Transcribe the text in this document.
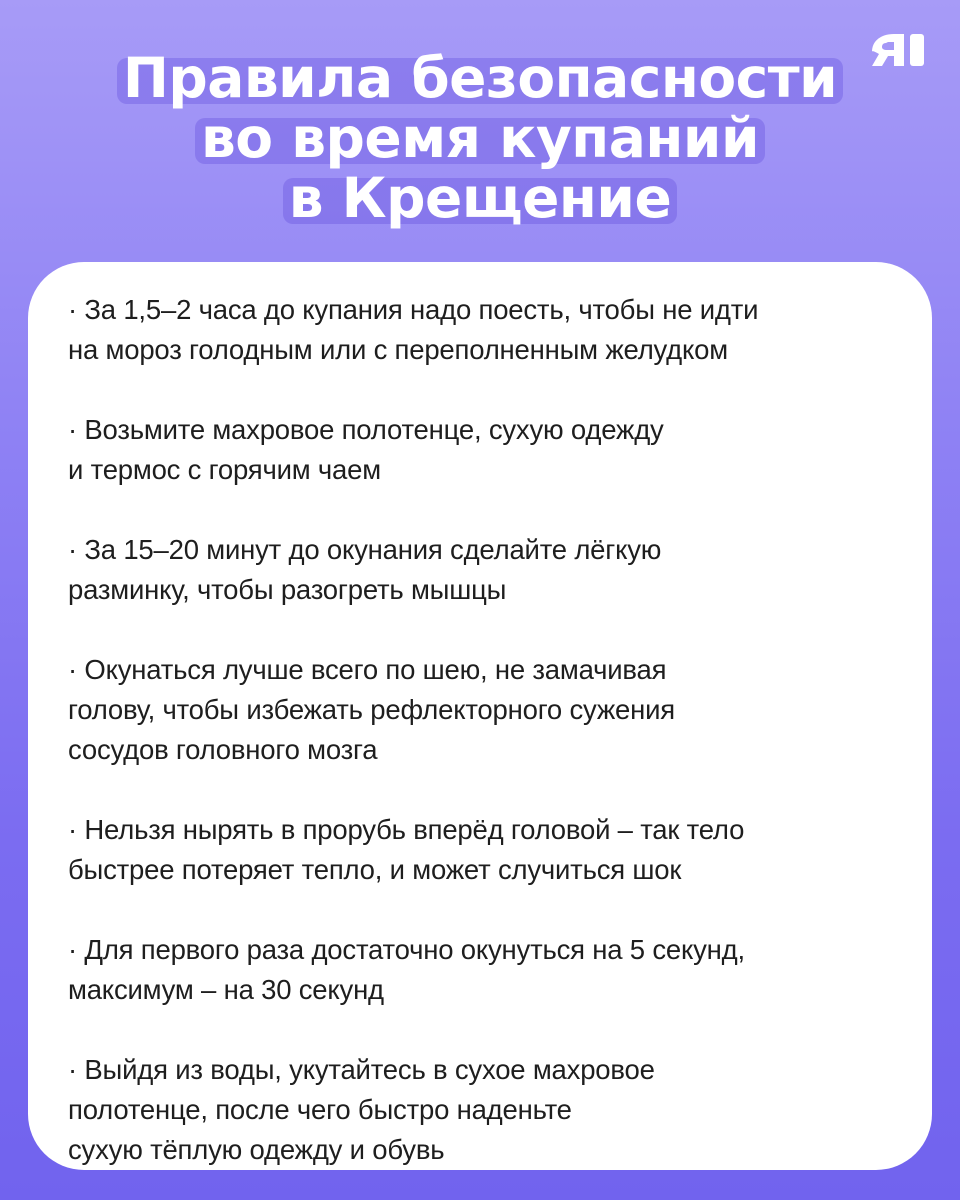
Правила безопасности
во время купаний
в Крещение

· За 1,5–2 часа до купания надо поесть, чтобы не идти
на мороз голодным или с переполненным желудком

· Возьмите махровое полотенце, сухую одежду
и термос с горячим чаем

· За 15–20 минут до окунания сделайте лёгкую
разминку, чтобы разогреть мышцы

· Окунаться лучше всего по шею, не замачивая
голову, чтобы избежать рефлекторного сужения
сосудов головного мозга

· Нельзя нырять в прорубь вперёд головой – так тело
быстрее потеряет тепло, и может случиться шок

· Для первого раза достаточно окунуться на 5 секунд,
максимум – на 30 секунд

· Выйдя из воды, укутайтесь в сухое махровое
полотенце, после чего быстро наденьте
сухую тёплую одежду и обувь
